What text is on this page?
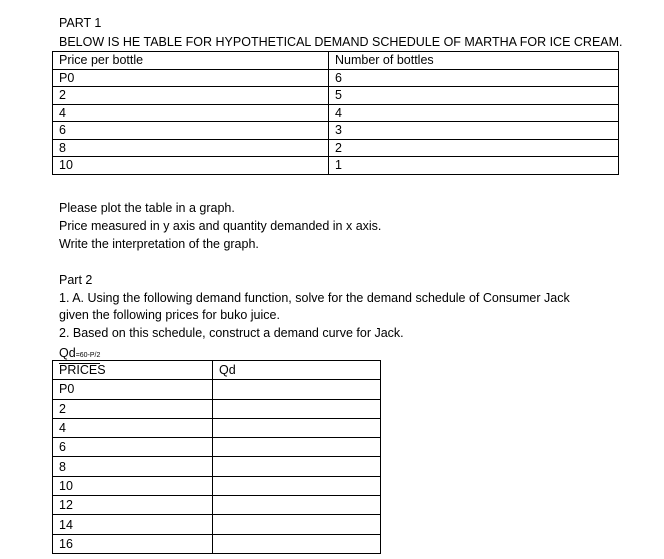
PART 1
BELOW IS HE TABLE FOR HYPOTHETICAL DEMAND SCHEDULE OF MARTHA FOR ICE CREAM.
Price per bottle	Number of bottles
P0	6
2	5
4	4
6	3
8	2
10	1
Please plot the table in a graph.
Price measured in y axis and quantity demanded in x axis.
Write the interpretation of the graph.
Part 2
1. A. Using the following demand function, solve for the demand schedule of Consumer Jack
given the following prices for buko juice.
2. Based on this schedule, construct a demand curve for Jack.
Qd=60-P/2
PRICES	Qd
P0	
2	
4	
6	
8	
10	
12	
14	
16	
